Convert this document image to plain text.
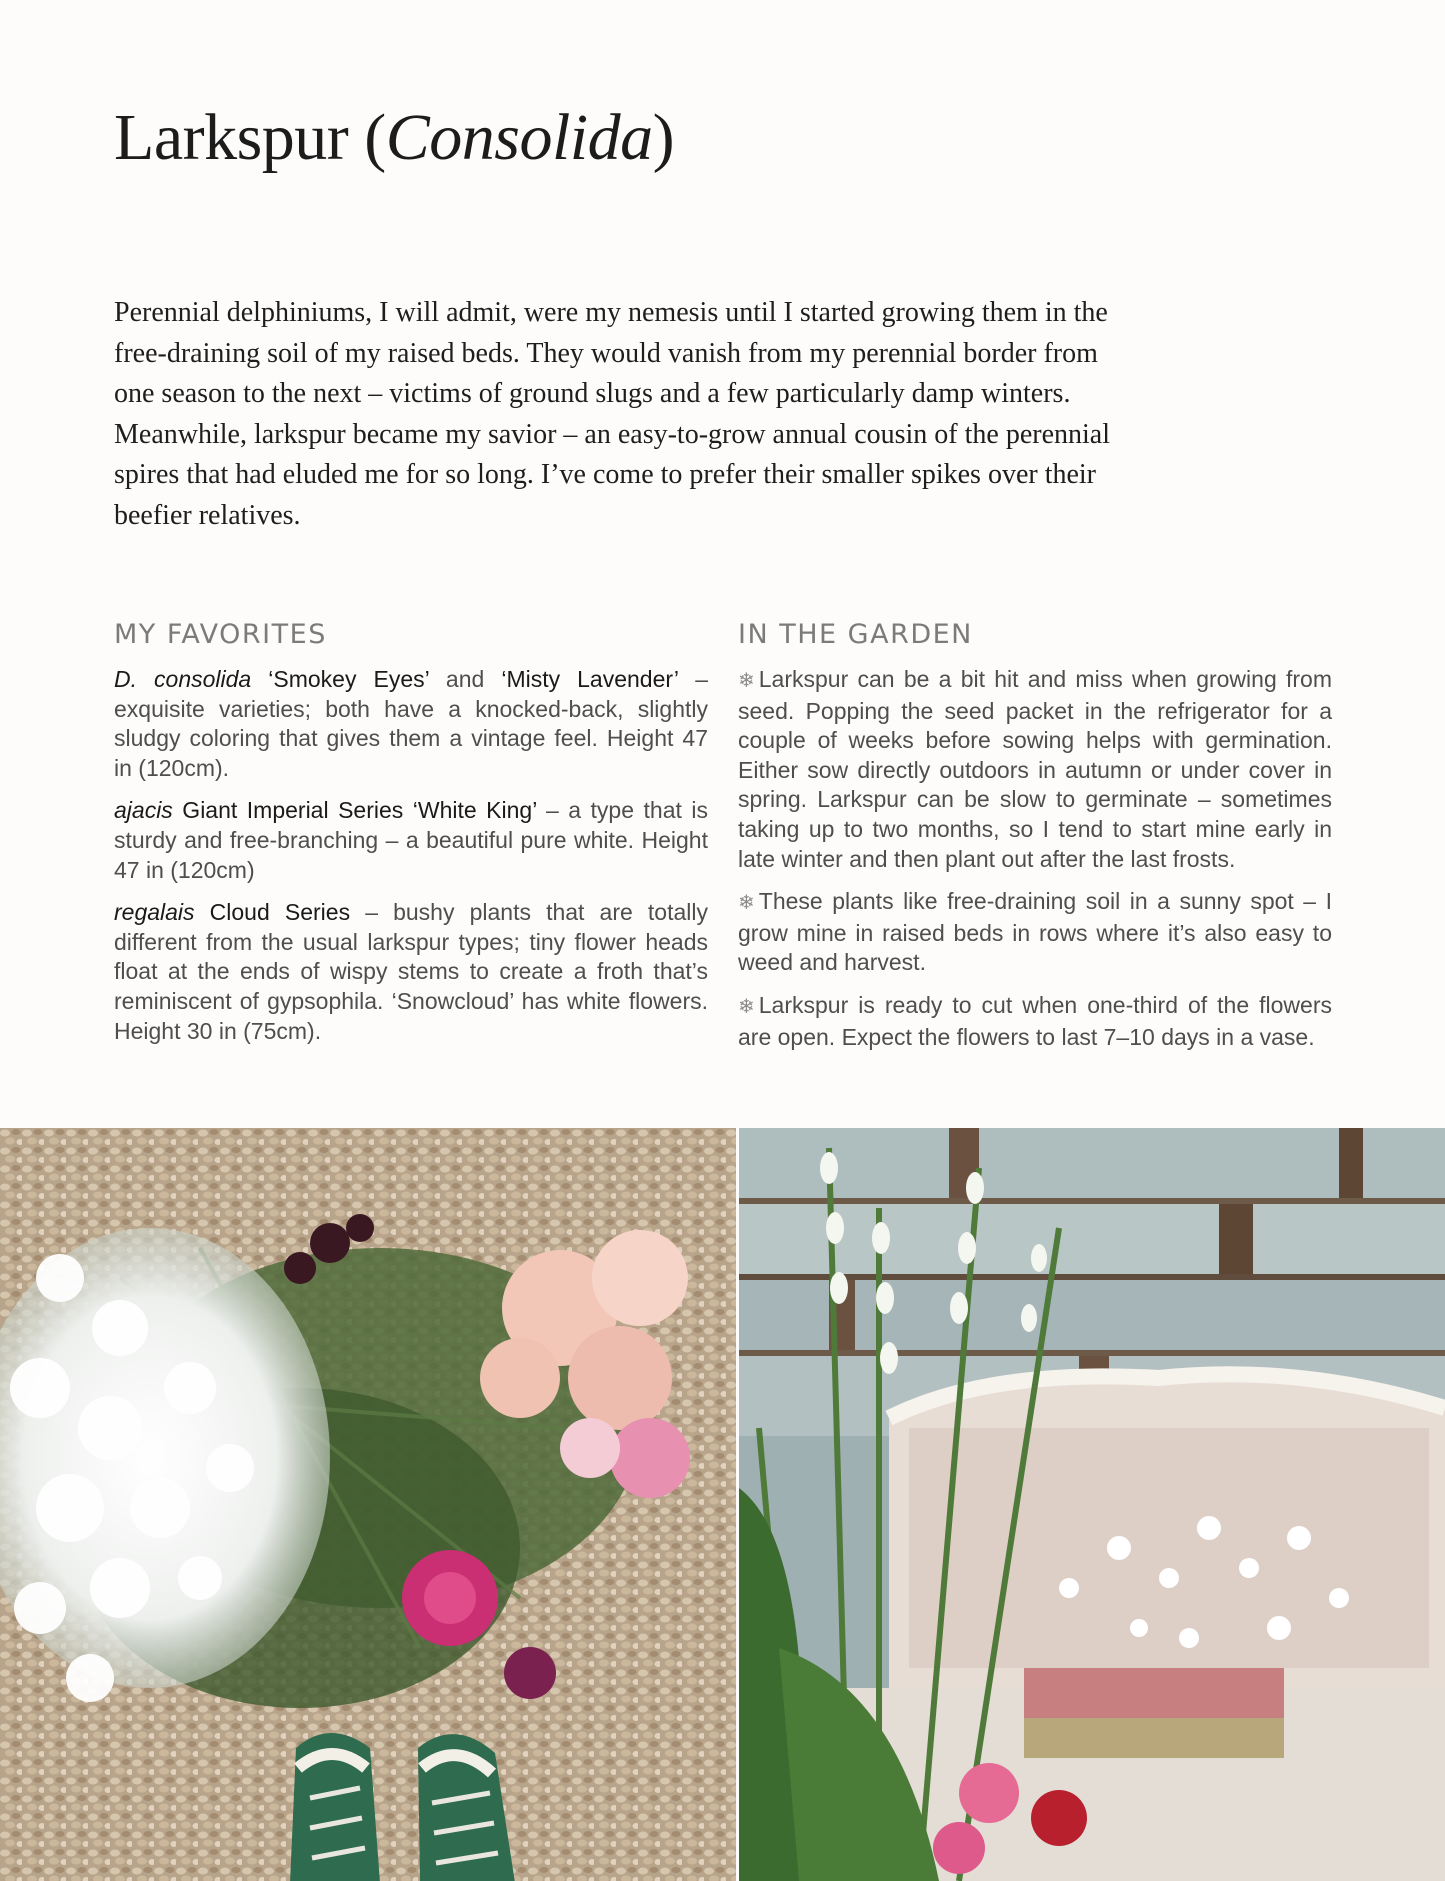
Larkspur (Consolida)

Perennial delphiniums, I will admit, were my nemesis until I started growing them in the free-draining soil of my raised beds. They would vanish from my perennial border from one season to the next – victims of ground slugs and a few particularly damp winters. Meanwhile, larkspur became my savior – an easy-to-grow annual cousin of the perennial spires that had eluded me for so long. I’ve come to prefer their smaller spikes over their beefier relatives.

MY FAVORITES

D. consolida ‘Smokey Eyes’ and ‘Misty Lavender’ – exquisite varieties; both have a knocked-back, slightly sludgy coloring that gives them a vintage feel. Height 47 in (120cm).

ajacis Giant Imperial Series ‘White King’ – a type that is sturdy and free-branching – a beautiful pure white. Height 47 in (120cm)

regalais Cloud Series – bushy plants that are totally different from the usual larkspur types; tiny flower heads float at the ends of wispy stems to create a froth that’s reminiscent of gypsophila. ‘Snowcloud’ has white flowers. Height 30 in (75cm).

IN THE GARDEN

❄ Larkspur can be a bit hit and miss when growing from seed. Popping the seed packet in the refrigerator for a couple of weeks before sowing helps with germination. Either sow directly outdoors in autumn or under cover in spring. Larkspur can be slow to germinate – sometimes taking up to two months, so I tend to start mine early in late winter and then plant out after the last frosts.

❄ These plants like free-draining soil in a sunny spot – I grow mine in raised beds in rows where it’s also easy to weed and harvest.

❄ Larkspur is ready to cut when one-third of the flowers are open. Expect the flowers to last 7–10 days in a vase.
